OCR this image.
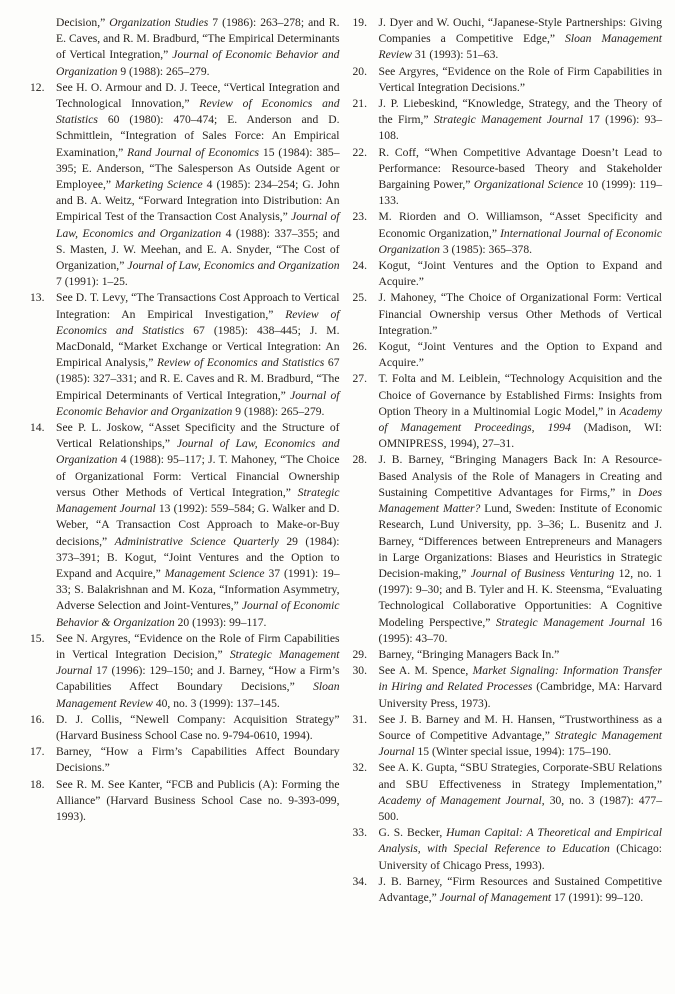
Decision,” Organization Studies 7 (1986): 263–278; and R. E. Caves, and R. M. Bradburd, “The Empirical Determinants of Vertical Integration,” Journal of Economic Behavior and Organization 9 (1988): 265–279.
12. See H. O. Armour and D. J. Teece, “Vertical Integration and Technological Innovation,” Review of Economics and Statistics 60 (1980): 470–474; E. Anderson and D. Schmittlein, “Integration of Sales Force: An Empirical Examination,” Rand Journal of Economics 15 (1984): 385–395; E. Anderson, “The Salesperson As Outside Agent or Employee,” Marketing Science 4 (1985): 234–254; G. John and B. A. Weitz, “Forward Integration into Distribution: An Empirical Test of the Transaction Cost Analysis,” Journal of Law, Economics and Organization 4 (1988): 337–355; and S. Masten, J. W. Meehan, and E. A. Snyder, “The Cost of Organization,” Journal of Law, Economics and Organization 7 (1991): 1–25.
13. See D. T. Levy, “The Transactions Cost Approach to Vertical Integration: An Empirical Investigation,” Review of Economics and Statistics 67 (1985): 438–445; J. M. MacDonald, “Market Exchange or Vertical Integration: An Empirical Analysis,” Review of Economics and Statistics 67 (1985): 327–331; and R. E. Caves and R. M. Bradburd, “The Empirical Determinants of Vertical Integration,” Journal of Economic Behavior and Organization 9 (1988): 265–279.
14. See P. L. Joskow, “Asset Specificity and the Structure of Vertical Relationships,” Journal of Law, Economics and Organization 4 (1988): 95–117; J. T. Mahoney, “The Choice of Organizational Form: Vertical Financial Ownership versus Other Methods of Vertical Integration,” Strategic Management Journal 13 (1992): 559–584; G. Walker and D. Weber, “A Transaction Cost Approach to Make-or-Buy decisions,” Administrative Science Quarterly 29 (1984): 373–391; B. Kogut, “Joint Ventures and the Option to Expand and Acquire,” Management Science 37 (1991): 19–33; S. Balakrishnan and M. Koza, “Information Asymmetry, Adverse Selection and Joint-Ventures,” Journal of Economic Behavior & Organization 20 (1993): 99–117.
15. See N. Argyres, “Evidence on the Role of Firm Capabilities in Vertical Integration Decision,” Strategic Management Journal 17 (1996): 129–150; and J. Barney, “How a Firm’s Capabilities Affect Boundary Decisions,” Sloan Management Review 40, no. 3 (1999): 137–145.
16. D. J. Collis, “Newell Company: Acquisition Strategy” (Harvard Business School Case no. 9-794-0610, 1994).
17. Barney, “How a Firm’s Capabilities Affect Boundary Decisions.”
18. See R. M. See Kanter, “FCB and Publicis (A): Forming the Alliance” (Harvard Business School Case no. 9-393-099, 1993).
19. J. Dyer and W. Ouchi, “Japanese-Style Partnerships: Giving Companies a Competitive Edge,” Sloan Management Review 31 (1993): 51–63.
20. See Argyres, “Evidence on the Role of Firm Capabilities in Vertical Integration Decisions.”
21. J. P. Liebeskind, “Knowledge, Strategy, and the Theory of the Firm,” Strategic Management Journal 17 (1996): 93–108.
22. R. Coff, “When Competitive Advantage Doesn’t Lead to Performance: Resource-based Theory and Stakeholder Bargaining Power,” Organizational Science 10 (1999): 119–133.
23. M. Riorden and O. Williamson, “Asset Specificity and Economic Organization,” International Journal of Economic Organization 3 (1985): 365–378.
24. Kogut, “Joint Ventures and the Option to Expand and Acquire.”
25. J. Mahoney, “The Choice of Organizational Form: Vertical Financial Ownership versus Other Methods of Vertical Integration.”
26. Kogut, “Joint Ventures and the Option to Expand and Acquire.”
27. T. Folta and M. Leiblein, “Technology Acquisition and the Choice of Governance by Established Firms: Insights from Option Theory in a Multinomial Logic Model,” in Academy of Management Proceedings, 1994 (Madison, WI: OMNIPRESS, 1994), 27–31.
28. J. B. Barney, “Bringing Managers Back In: A Resource-Based Analysis of the Role of Managers in Creating and Sustaining Competitive Advantages for Firms,” in Does Management Matter? Lund, Sweden: Institute of Economic Research, Lund University, pp. 3–36; L. Busenitz and J. Barney, “Differences between Entrepreneurs and Managers in Large Organizations: Biases and Heuristics in Strategic Decision-making,” Journal of Business Venturing 12, no. 1 (1997): 9–30; and B. Tyler and H. K. Steensma, “Evaluating Technological Collaborative Opportunities: A Cognitive Modeling Perspective,” Strategic Management Journal 16 (1995): 43–70.
29. Barney, “Bringing Managers Back In.”
30. See A. M. Spence, Market Signaling: Information Transfer in Hiring and Related Processes (Cambridge, MA: Harvard University Press, 1973).
31. See J. B. Barney and M. H. Hansen, “Trustworthiness as a Source of Competitive Advantage,” Strategic Management Journal 15 (Winter special issue, 1994): 175–190.
32. See A. K. Gupta, “SBU Strategies, Corporate-SBU Relations and SBU Effectiveness in Strategy Implementation,” Academy of Management Journal, 30, no. 3 (1987): 477–500.
33. G. S. Becker, Human Capital: A Theoretical and Empirical Analysis, with Special Reference to Education (Chicago: University of Chicago Press, 1993).
34. J. B. Barney, “Firm Resources and Sustained Competitive Advantage,” Journal of Management 17 (1991): 99–120.
